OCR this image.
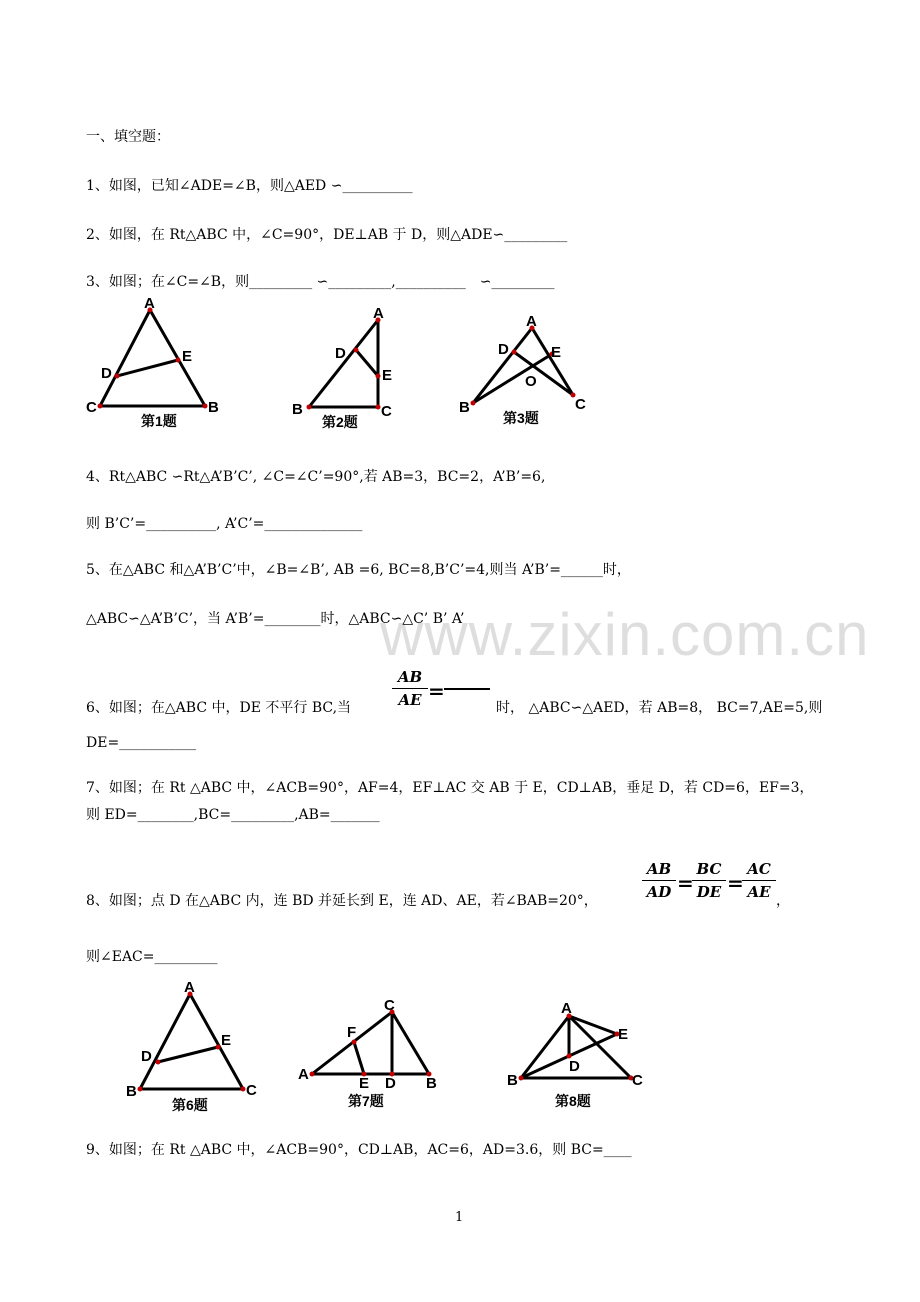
www.zixin.com.cn
一、填空题：
1、如图，已知∠ADE=∠B，则△AED ∽__________
2、如图，在 Rt△ABC 中，∠C=90°，DE⊥AB 于 D，则△ADE∽_________
3、如图；在∠C=∠B，则_________ ∽_________,__________　∽_________
A
D
E
C	B
第1题
A
D
E
B	C
第2题
A
D	E
O
B	C
第3题
4、Rt△ABC ∽Rt△A’B’C’, ∠C=∠C’=90°,若 AB=3，BC=2，A’B’=6,
则 B’C’=__________, A’C’=______________
5、在△ABC 和△A’B’C’中，∠B=∠B’, AB =6, BC=8,B’C’=4,则当 A’B’=______时，
△ABC∽△A’B’C’，当 A’B’=________时，△ABC∽△C’ B’ A’
6、如图；在△ABC 中，DE 不平行 BC,当	$\frac{AB}{AE}$ =
时， △ABC∽△AED，若 AB=8， BC=7,AE=5,则
DE=___________
7、如图；在 Rt △ABC 中，∠ACB=90°，AF=4，EF⊥AC 交 AB 于 E，CD⊥AB，垂足 D，若 CD=6，EF=3，
则 ED=________,BC=_________,AB=_______
8、如图；点 D 在△ABC 内，连 BD 并延长到 E，连 AD、AE，若∠BAB=20°，	$\frac{AB}{AD}$ =
$\frac{BC}{DE}$ =
$\frac{AC}{AE}$ ，
则∠EAC=_________
A
E
D
B	C
第6题
C
F
A
E D B
第7题
A
E
D
B	C
第8题
9、如图；在 Rt △ABC 中，∠ACB=90°，CD⊥AB，AC=6，AD=3.6，则 BC=____
1
